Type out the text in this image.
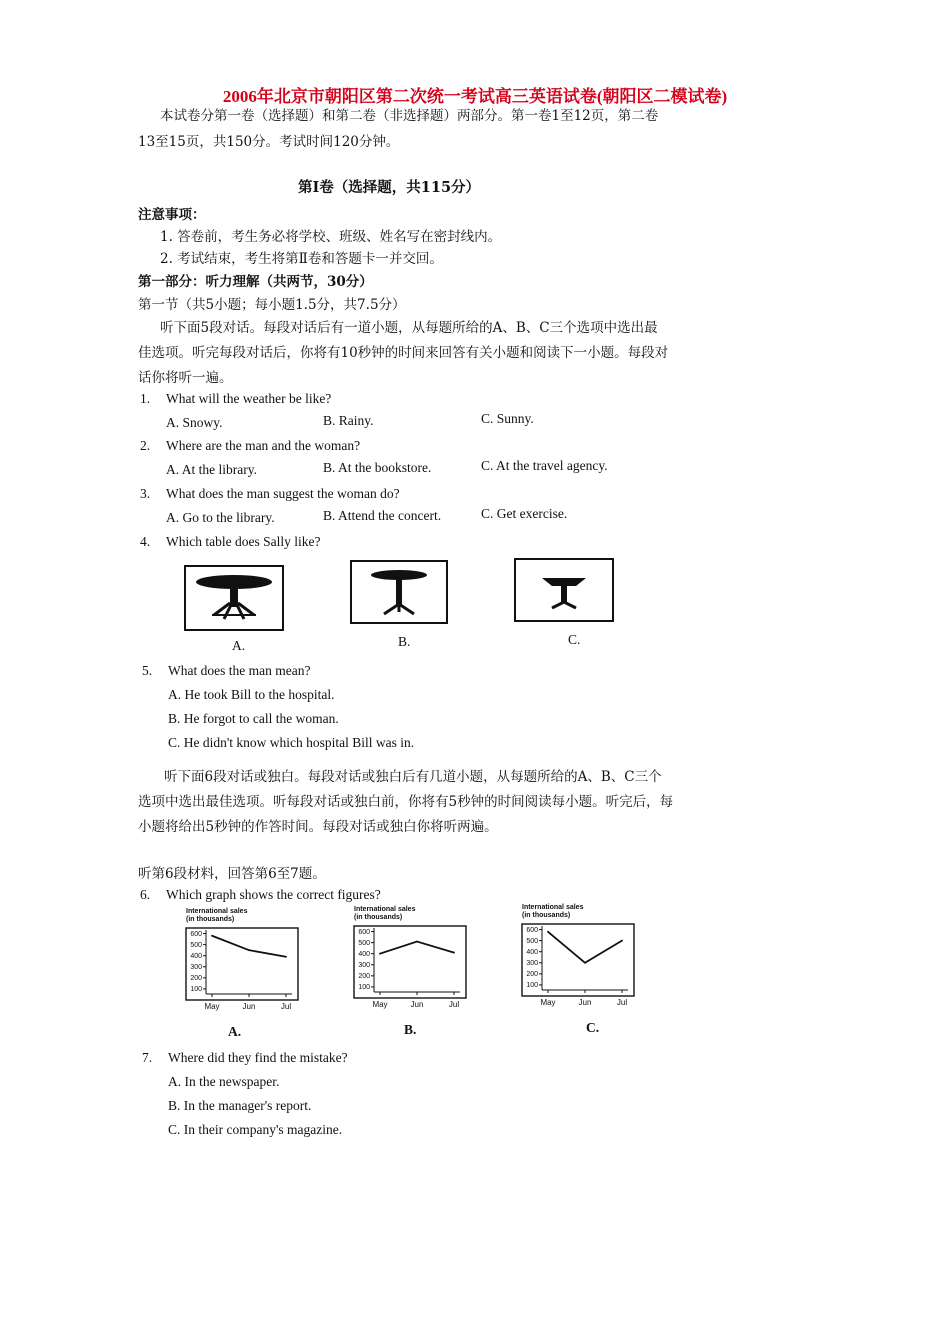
2006年北京市朝阳区第二次统一考试高三英语试卷(朝阳区二模试卷)
本试卷分第一卷（选择题）和第二卷（非选择题）两部分。第一卷1至12页，第二卷
13至15页，共150分。考试时间120分钟。
第Ⅰ卷（选择题，共115分）
注意事项：
1. 答卷前，考生务必将学校、班级、姓名写在密封线内。
2. 考试结束，考生将第Ⅱ卷和答题卡一并交回。
第一部分：听力理解（共两节，30分）
第一节（共5小题；每小题1.5分，共7.5分）
听下面5段对话。每段对话后有一道小题，从每题所给的A、B、C三个选项中选出最
佳选项。听完每段对话后，你将有10秒钟的时间来回答有关小题和阅读下一小题。每段对
话你将听一遍。
1. What will the weather be like?
A. Snowy.	B. Rainy.	C. Sunny.
2. Where are the man and the woman?
A. At the library.	B. At the bookstore.	C. At the travel agency.
3. What does the man suggest the woman do?
A. Go to the library.	B. Attend the concert.	C. Get exercise.
4. Which table does Sally like?
A.	B.	C.
5. What does the man mean?
A. He took Bill to the hospital.
B. He forgot to call the woman.
C. He didn't know which hospital Bill was in.
听下面6段对话或独白。每段对话或独白后有几道小题，从每题所给的A、B、C三个
选项中选出最佳选项。听每段对话或独白前，你将有5秒钟的时间阅读每小题。听完后，每
小题将给出5秒钟的作答时间。每段对话或独白你将听两遍。
听第6段材料，回答第6至7题。
6. Which graph shows the correct figures?
International sales
(in thousands)
600
500
400
300
200
100
May	Jun	Jul
International sales
(in thousands)
600
500
400
300
200
100
May	Jun	Jul
International sales
(in thousands)
600
500
400
300
200
100
May	Jun	Jul
A.	B.	C.
7. Where did they find the mistake?
A. In the newspaper.
B. In the manager's report.
C. In their company's magazine.
